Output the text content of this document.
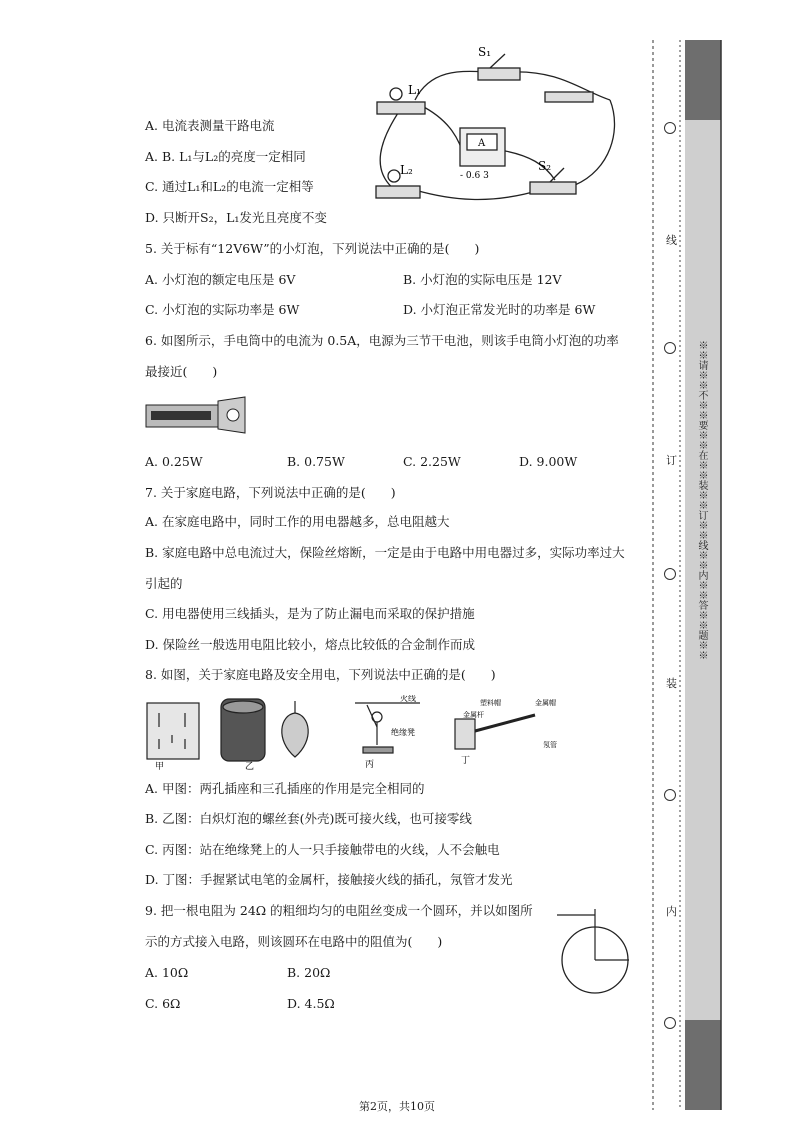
A. 电流表测量干路电流
A. B. L₁与L₂的亮度一定相同
C. 通过L₁和L₂的电流一定相等
D. 只断开S₂，L₁发光且亮度不变
S₁
S₂
L₁
L₂
A
- 0.6 3
5. 关于标有“12V6W”的小灯泡，下列说法中正确的是(　　)
A. 小灯泡的额定电压是 6V	B. 小灯泡的实际电压是 12V
C. 小灯泡的实际功率是 6W	D. 小灯泡正常发光时的功率是 6W
6. 如图所示，手电筒中的电流为 0.5A，电源为三节干电池，则该手电筒小灯泡的功率
最接近(　　)
A. 0.25W	B. 0.75W	C. 2.25W	D. 9.00W
7. 关于家庭电路，下列说法中正确的是(　　)
A. 在家庭电路中，同时工作的用电器越多，总电阻越大
B. 家庭电路中总电流过大，保险丝熔断，一定是由于电路中用电器过多，实际功率过大
引起的
C. 用电器使用三线插头，是为了防止漏电而采取的保护措施
D. 保险丝一般选用电阻比较小，熔点比较低的合金制作而成
8. 如图，关于家庭电路及安全用电，下列说法中正确的是(　　)
甲	乙	丙	丁
火线
绝缘凳
塑料帽	金属帽
金属杆
氖管
A. 甲图：两孔插座和三孔插座的作用是完全相同的
B. 乙图：白炽灯泡的螺丝套(外壳)既可接火线，也可接零线
C. 丙图：站在绝缘凳上的人一只手接触带电的火线，人不会触电
D. 丁图：手握紧试电笔的金属杆，接触接火线的插孔，氖管才发光
9. 把一根电阻为 24Ω 的粗细均匀的电阻丝变成一个圆环，并以如图所
示的方式接入电路，则该圆环在电路中的阻值为(　　)
A. 10Ω	B. 20Ω
C. 6Ω	D. 4.5Ω
线
订
装
内
※※请※※不※※要※※在※※装※※订※※线※※内※※答※※题※※
第2页，共10页
